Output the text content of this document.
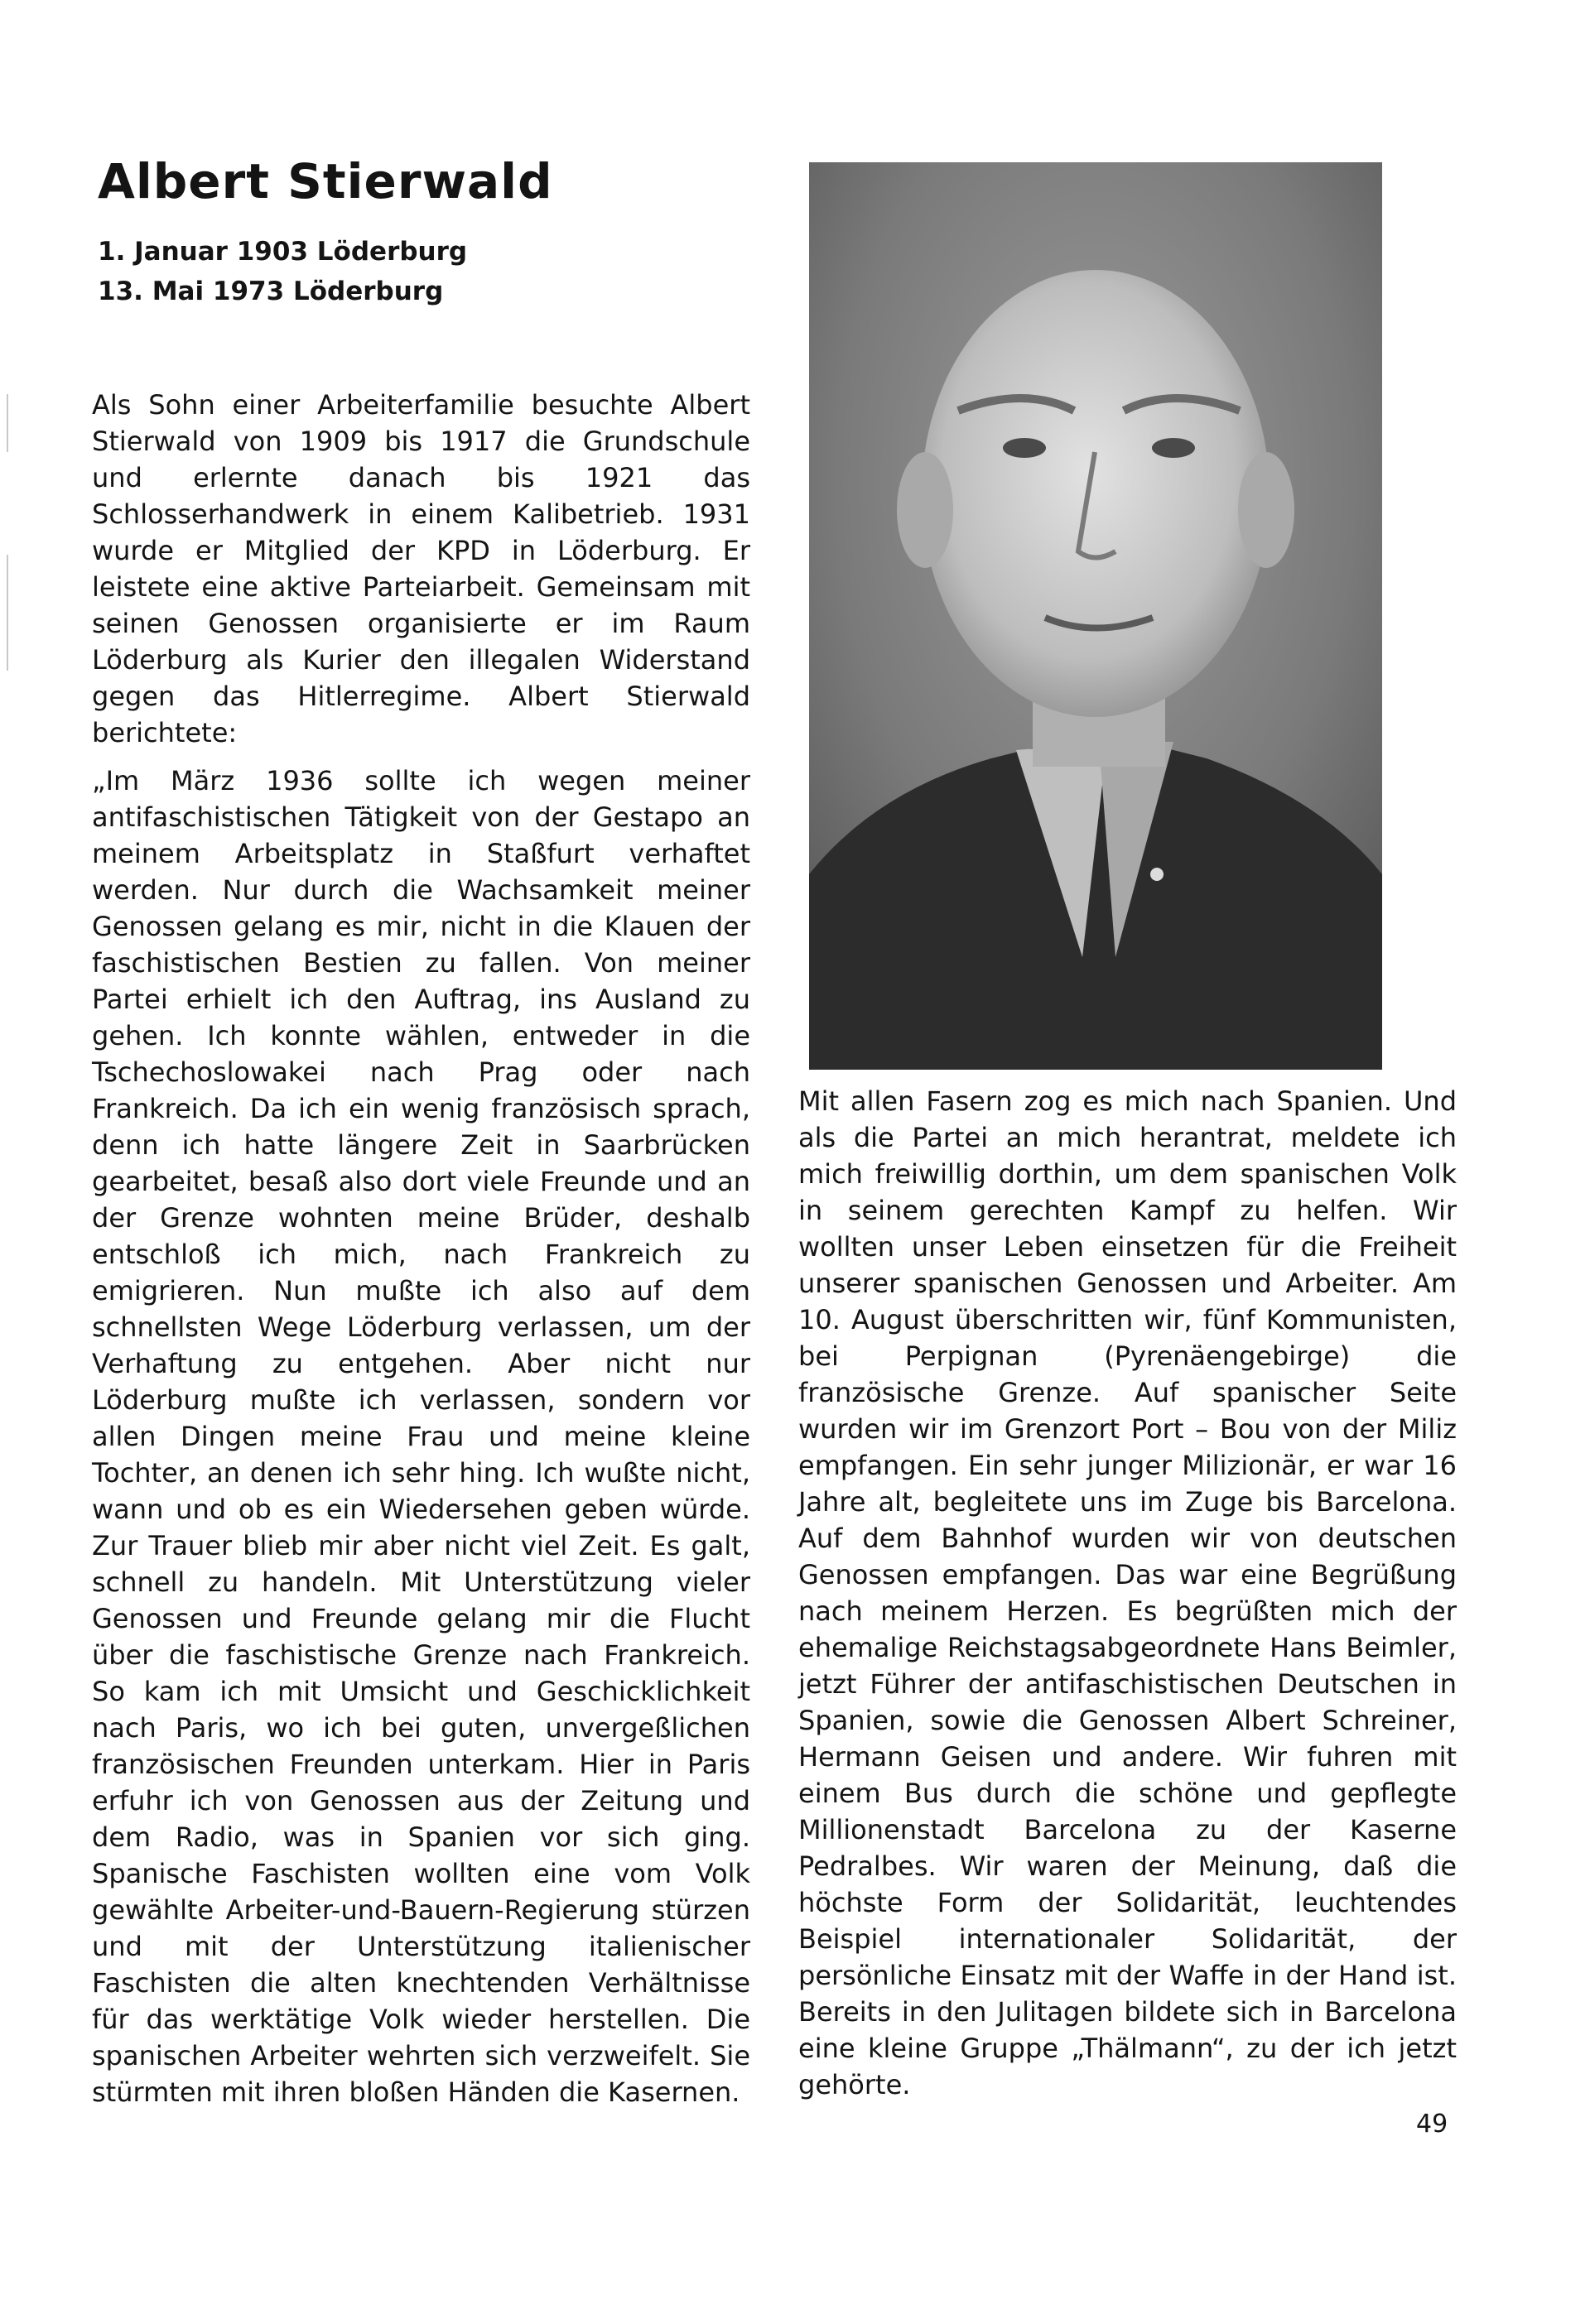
Albert Stierwald
1. Januar 1903 Löderburg
13. Mai 1973 Löderburg

Als Sohn einer Arbeiterfamilie besuchte Albert Stierwald von 1909 bis 1917 die Grundschule und erlernte danach bis 1921 das Schlosserhandwerk in einem Kalibetrieb. 1931 wurde er Mitglied der KPD in Löderburg. Er leistete eine aktive Parteiarbeit. Gemeinsam mit seinen Genossen organisierte er im Raum Löderburg als Kurier den illegalen Widerstand gegen das Hitlerregime. Albert Stierwald berichtete:

„Im März 1936 sollte ich wegen meiner antifaschistischen Tätigkeit von der Gestapo an meinem Arbeitsplatz in Staßfurt verhaftet werden. Nur durch die Wachsamkeit meiner Genossen gelang es mir, nicht in die Klauen der faschistischen Bestien zu fallen. Von meiner Partei erhielt ich den Auftrag, ins Ausland zu gehen. Ich konnte wählen, entweder in die Tschechoslowakei nach Prag oder nach Frankreich. Da ich ein wenig französisch sprach, denn ich hatte längere Zeit in Saarbrücken gearbeitet, besaß also dort viele Freunde und an der Grenze wohnten meine Brüder, deshalb entschloß ich mich, nach Frankreich zu emigrieren. Nun mußte ich also auf dem schnellsten Wege Löderburg verlassen, um der Verhaftung zu entgehen. Aber nicht nur Löderburg mußte ich verlassen, sondern vor allen Dingen meine Frau und meine kleine Tochter, an denen ich sehr hing. Ich wußte nicht, wann und ob es ein Wiedersehen geben würde. Zur Trauer blieb mir aber nicht viel Zeit. Es galt, schnell zu handeln. Mit Unterstützung vieler Genossen und Freunde gelang mir die Flucht über die faschistische Grenze nach Frankreich. So kam ich mit Umsicht und Geschicklichkeit nach Paris, wo ich bei guten, unvergeßlichen französischen Freunden unterkam. Hier in Paris erfuhr ich von Genossen aus der Zeitung und dem Radio, was in Spanien vor sich ging. Spanische Faschisten wollten eine vom Volk gewählte Arbeiter-und-Bauern-Regierung stürzen und mit der Unterstützung italienischer Faschisten die alten knechtenden Verhältnisse für das werktätige Volk wieder herstellen. Die spanischen Arbeiter wehrten sich verzweifelt. Sie stürmten mit ihren bloßen Händen die Kasernen.

Mit allen Fasern zog es mich nach Spanien. Und als die Partei an mich herantrat, meldete ich mich freiwillig dorthin, um dem spanischen Volk in seinem gerechten Kampf zu helfen. Wir wollten unser Leben einsetzen für die Freiheit unserer spanischen Genossen und Arbeiter. Am 10. August überschritten wir, fünf Kommunisten, bei Perpignan (Pyrenäengebirge) die französische Grenze. Auf spanischer Seite wurden wir im Grenzort Port – Bou von der Miliz empfangen. Ein sehr junger Milizionär, er war 16 Jahre alt, begleitete uns im Zuge bis Barcelona. Auf dem Bahnhof wurden wir von deutschen Genossen empfangen. Das war eine Begrüßung nach meinem Herzen. Es begrüßten mich der ehemalige Reichstagsabgeordnete Hans Beimler, jetzt Führer der antifaschistischen Deutschen in Spanien, sowie die Genossen Albert Schreiner, Hermann Geisen und andere. Wir fuhren mit einem Bus durch die schöne und gepflegte Millionenstadt Barcelona zu der Kaserne Pedralbes. Wir waren der Meinung, daß die höchste Form der Solidarität, leuchtendes Beispiel internationaler Solidarität, der persönliche Einsatz mit der Waffe in der Hand ist. Bereits in den Julitagen bildete sich in Barcelona eine kleine Gruppe „Thälmann“, zu der ich jetzt gehörte.

49
